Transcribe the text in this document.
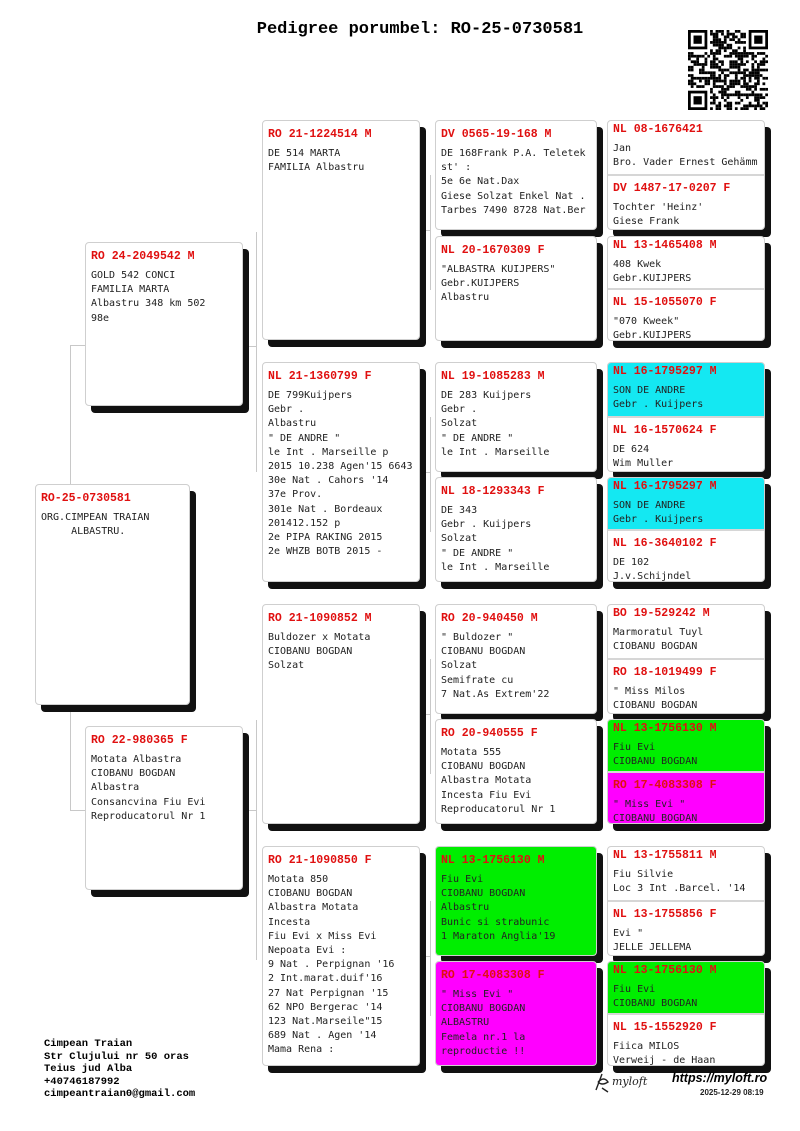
Pedigree porumbel: RO-25-0730581
RO-25-0730581
ORG.CIMPEAN TRAIAN
ALBASTRU.
RO 24-2049542 M
GOLD 542 CONCI
FAMILIA MARTA
Albastru 348 km 502
98e
RO 22-980365 F
Motata Albastra
CIOBANU BOGDAN
Albastra
Consancvina Fiu Evi
Reproducatorul Nr 1
RO 21-1224514 M
DE 514 MARTA
FAMILIA Albastru
NL 21-1360799 F
DE 799Kuijpers
Gebr .
Albastru
" DE ANDRE "
le Int . Marseille p
2015 10.238 Agen'15 6643
30e Nat . Cahors '14
37e Prov.
301e Nat . Bordeaux
201412.152 p
2e PIPA RAKING 2015
2e WHZB BOTB 2015 -
RO 21-1090852 M
Buldozer x Motata
CIOBANU BOGDAN
Solzat
RO 21-1090850 F
Motata 850
CIOBANU BOGDAN
Albastra Motata
Incesta
Fiu Evi x Miss Evi
Nepoata Evi :
9 Nat . Perpignan '16
2 Int.marat.duif'16
27 Nat Perpignan '15
62 NPO Bergerac '14
123 Nat.Marseile"15
689 Nat . Agen '14
Mama Rena :
DV 0565-19-168 M
DE 168Frank P.A. Teletek
st' :
5e 6e Nat.Dax
Giese Solzat Enkel Nat .
Tarbes 7490 8728 Nat.Ber
NL 20-1670309 F
"ALBASTRA KUIJPERS"
Gebr.KUIJPERS
Albastru
NL 19-1085283 M
DE 283 Kuijpers
Gebr .
Solzat
" DE ANDRE "
le Int . Marseille
NL 18-1293343 F
DE 343
Gebr . Kuijpers
Solzat
" DE ANDRE "
le Int . Marseille
RO 20-940450 M
" Buldozer "
CIOBANU BOGDAN
Solzat
Semifrate cu
7 Nat.As Extrem'22
RO 20-940555 F
Motata 555
CIOBANU BOGDAN
Albastra Motata
Incesta Fiu Evi
Reproducatorul Nr 1
NL 13-1756130 M
Fiu Evi
CIOBANU BOGDAN
Albastru
Bunic si strabunic
1 Maraton Anglia'19
RO 17-4083308 F
" Miss Evi "
CIOBANU BOGDAN
ALBASTRU
Femela nr.1 la
reproductie !!
NL 08-1676421
Jan
Bro. Vader Ernest Gehämm
DV 1487-17-0207 F
Tochter 'Heinz'
Giese Frank
NL 13-1465408 M
408 Kwek
Gebr.KUIJPERS
NL 15-1055070 F
"070 Kweek"
Gebr.KUIJPERS
NL 16-1795297 M
SON DE ANDRE
Gebr . Kuijpers
NL 16-1570624 F
DE 624
Wim Muller
NL 16-1795297 M
SON DE ANDRE
Gebr . Kuijpers
NL 16-3640102 F
DE 102
J.v.Schijndel
BO 19-529242 M
Marmoratul Tuyl
CIOBANU BOGDAN
RO 18-1019499 F
" Miss Milos
CIOBANU BOGDAN
NL 13-1756130 M
Fiu Evi
CIOBANU BOGDAN
RO 17-4083308 F
" Miss Evi "
CIOBANU BOGDAN
NL 13-1755811 M
Fiu Silvie
Loc 3 Int .Barcel. '14
NL 13-1755856 F
Evi "
JELLE JELLEMA
NL 13-1756130 M
Fiu Evi
CIOBANU BOGDAN
NL 15-1552920 F
Fiica MILOS
Verweij - de Haan
Cimpean Traian
Str Clujului nr 50 oras
Teius jud Alba
+40746187992
cimpeantraian0@gmail.com
myloft https://myloft.ro
2025-12-29 08:19
